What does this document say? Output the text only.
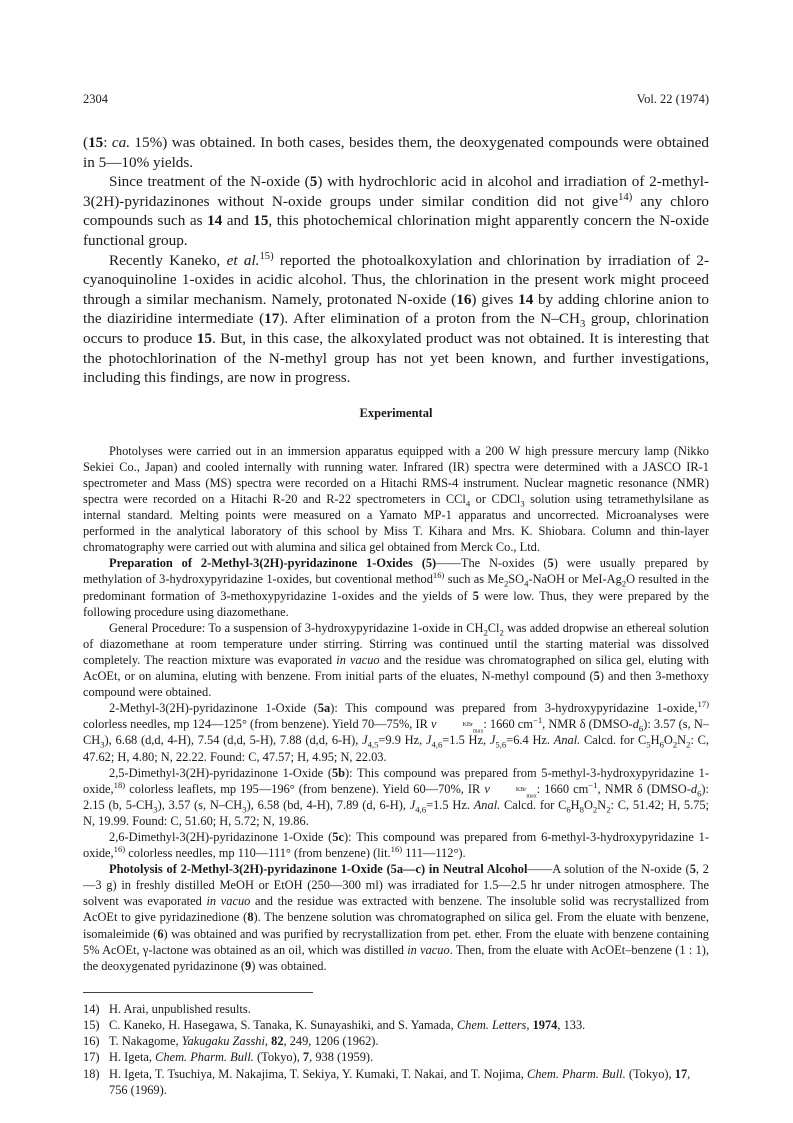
2304	Vol. 22 (1974)

(15: ca. 15%) was obtained. In both cases, besides them, the deoxygenated compounds were obtained in 5—10% yields.

Since treatment of the N-oxide (5) with hydrochloric acid in alcohol and irradiation of 2-methyl-3(2H)-pyridazinones without N-oxide groups under similar condition did not give$^{14)}$ any chloro compounds such as 14 and 15, this photochemical chlorination might apparently concern the N-oxide functional group.

Recently Kaneko, et al.$^{15)}$ reported the photoalkoxylation and chlorination by irradiation of 2-cyanoquinoline 1-oxides in acidic alcohol. Thus, the chlorination in the present work might proceed through a similar mechanism. Namely, protonated N-oxide (16) gives 14 by adding chlorine anion to the diaziridine intermediate (17). After elimination of a proton from the $N-CH_3$ group, chlorination occurs to produce 15. But, in this case, the alkoxylated product was not obtained. It is interesting that the photochlorination of the N-methyl group has not yet been known, and further investigations, including this findings, are now in progress.

Experimental

Photolyses were carried out in an immersion apparatus equipped with a 200 W high pressure mercury lamp (Nikko Sekiei Co., Japan) and cooled internally with running water. Infrared (IR) spectra were determined with a JASCO IR-1 spectrometer and Mass (MS) spectra were recorded on a Hitachi RMS-4 instrument. Nuclear magnetic resonance (NMR) spectra were recorded on a Hitachi R-20 and R-22 spectrometers in CCl$_4$ or CDCl$_3$ solution using tetramethylsilane as internal standard. Melting points were measured on a Yamato MP-1 apparatus and uncorrected. Microanalyses were performed in the analytical laboratory of this school by Miss T. Kihara and Mrs. K. Shiobara. Column and thin-layer chromatography were carried out with alumina and silica gel obtained from Merck Co., Ltd.

Preparation of 2-Methyl-3(2H)-pyridazinone 1-Oxides (5)——The N-oxides (5) were usually prepared by methylation of 3-hydroxypyridazine 1-oxides, but coventional method$^{16)}$ such as $Me_2SO_4$-NaOH or MeI-$Ag_2O$ resulted in the predominant formation of 3-methoxypyridazine 1-oxides and the yields of 5 were low. Thus, they were prepared by the following procedure using diazomethane.

General Procedure: To a suspension of 3-hydroxypyridazine 1-oxide in $CH_2Cl_2$ was added dropwise an ethereal solution of diazomethane at room temperature under stirring. Stirring was continued until the starting material was dissolved completely. The reaction mixture was evaporated in vacuo and the residue was chromatographed on silica gel, eluting with AcOEt, or on alumina, eluting with benzene. From initial parts of the eluates, N-methyl compound (5) and then 3-methoxy compound were obtained.

2-Methyl-3(2H)-pyridazinone 1-Oxide (5a): This compound was prepared from 3-hydroxypyridazine 1-oxide,$^{17)}$ colorless needles, mp 124—125° (from benzene). Yield 70—75%, IR ν	$^{KBr}_{max}$: 1660 $cm^{-1}$, NMR δ $(DMSO-d_6)$: 3.57 (s, $N-CH_3$), 6.68 (d,d, 4-H), 7.54 (d,d, 5-H), 7.88 (d,d, 6-H), $J_{4,5}=9.9$ Hz, $J_{4,6}=1.5$ Hz, $J_{5,6}=6.4$ Hz. Anal. Calcd. for $C_5H_6O_2N_2$: C, 47.62; H, 4.80; N, 22.22. Found: C, 47.57; H, 4.95; N, 22.03.

2,5-Dimethyl-3(2H)-pyridazinone 1-Oxide (5b): This compound was prepared from 5-methyl-3-hydroxypyridazine 1-oxide,$^{18)}$ colorless leaflets, mp 195—196° (from benzene). Yield 60—70%, IR ν	$^{KBr}_{max}$: 1660 $cm^{-1}$, NMR δ $(DMSO-d_6)$: 2.15 (b, $5-CH_3$), 3.57 (s, $N-CH_3$), 6.58 (bd, 4-H), 7.89 (d, 6-H), $J_{4,6}=1.5$ Hz. Anal. Calcd. for $C_6H_8O_2N_2$: C, 51.42; H, 5.75; N, 19.99. Found: C, 51.60; H, 5.72; N, 19.86.

2,6-Dimethyl-3(2H)-pyridazinone 1-Oxide (5c): This compound was prepared from 6-methyl-3-hydroxypyridazine 1-oxide,$^{16)}$ colorless needles, mp 110—111° (from benzene) (lit.$^{16)}$ 111—112°).

Photolysis of 2-Methyl-3(2H)-pyridazinone 1-Oxide (5a—c) in Neutral Alcohol——A solution of the N-oxide (5, 2—3 g) in freshly distilled MeOH or EtOH (250—300 ml) was irradiated for 1.5—2.5 hr under nitrogen atmosphere. The solvent was evaporated in vacuo and the residue was extracted with benzene. The insoluble solid was recrystallized from AcOEt to give pyridazinedione (8). The benzene solution was chromatographed on silica gel. From the eluate with benzene, isomaleimide (6) was obtained and was purified by recrystallization from pet. ether. From the eluate with benzene containing 5% AcOEt, γ-lactone was obtained as an oil, which was distilled in vacuo. Then, from the eluate with AcOEt–benzene (1 : 1), the deoxygenated pyridazinone (9) was obtained.

14) H. Arai, unpublished results.
15) C. Kaneko, H. Hasegawa, S. Tanaka, K. Sunayashiki, and S. Yamada, Chem. Letters, 1974, 133.
16) T. Nakagome, Yakugaku Zasshi, 82, 249, 1206 (1962).
17) H. Igeta, Chem. Pharm. Bull. (Tokyo), 7, 938 (1959).
18) H. Igeta, T. Tsuchiya, M. Nakajima, T. Sekiya, Y. Kumaki, T. Nakai, and T. Nojima, Chem. Pharm. Bull. (Tokyo), 17, 756 (1969).
